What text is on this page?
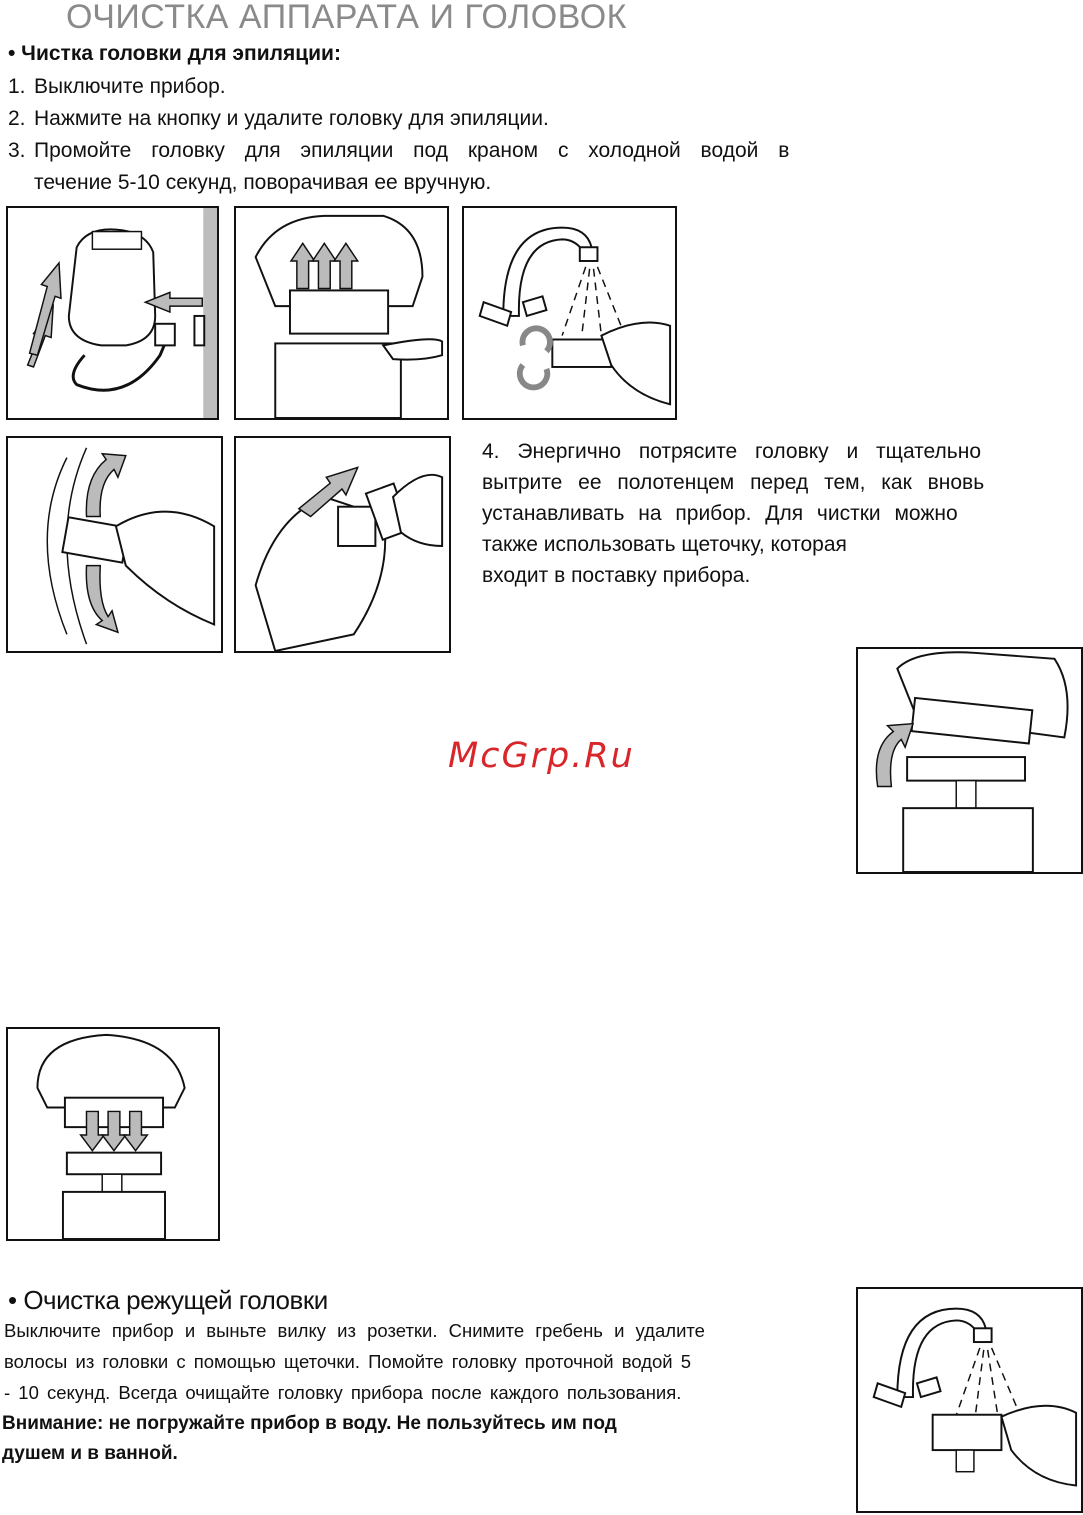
ОЧИСТКА АППАРАТА И ГОЛОВОК
• Чистка головки для эпиляции:
1. Выключите прибор.
2. Нажмите на кнопку и удалите головку для эпиляции.
3. Промойте головку для эпиляции под краном с холодной водой в
течение 5-10 секунд, поворачивая ее вручную.
4. Энергично потрясите головку и тщательно
вытрите ее полотенцем перед тем, как вновь
устанавливать на прибор. Для чистки можно
также использовать щеточку, которая
входит в поставку прибора.
McGrp.Ru
• Очистка режущей головки
Выключите прибор и выньте вилку из розетки. Снимите гребень и удалите
волосы из головки с помощью щеточки. Помойте головку проточной водой 5
- 10 секунд. Всегда очищайте головку прибора после каждого пользования.
Внимание: не погружайте прибор в воду. Не пользуйтесь им под
душем и в ванной.
